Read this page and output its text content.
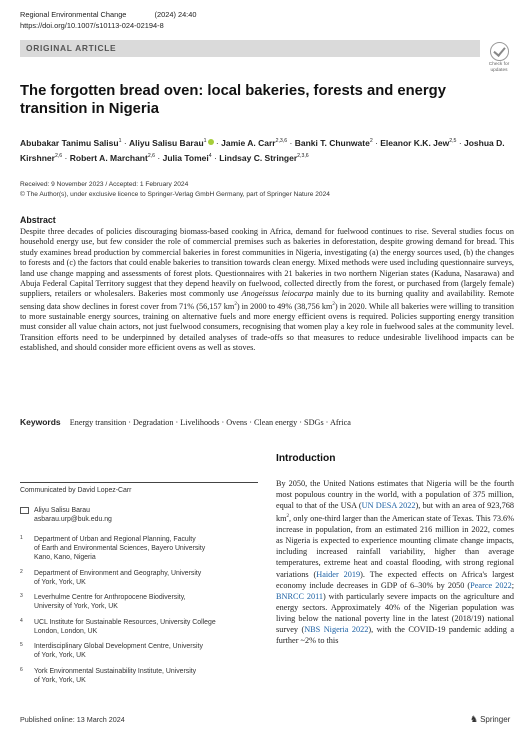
Regional Environmental Change	(2024) 24:40
https://doi.org/10.1007/s10113-024-02194-8
ORIGINAL ARTICLE
Check for
updates
The forgotten bread oven: local bakeries, forests and energy transition in Nigeria
Abubakar Tanimu Salisu$^1$ · Aliyu Salisu Barau$^1$ · Jamie A. Carr$^{2,3,6}$ · Banki T. Chunwate$^2$ · Eleanor K.K. Jew$^{2,5}$ · Joshua D. Kirshner$^{2,6}$ · Robert A. Marchant$^{2,6}$ · Julia Tomei$^4$ · Lindsay C. Stringer$^{2,3,6}$
Received: 9 November 2023 / Accepted: 1 February 2024
© The Author(s), under exclusive licence to Springer-Verlag GmbH Germany, part of Springer Nature 2024
Abstract

Despite three decades of policies discouraging biomass-based cooking in Africa, demand for fuelwood continues to rise. Several studies focus on household energy use, but few consider the role of commercial premises such as bakeries in deforestation, despite growing demand for bread. This study examines bread production by commercial bakeries in forest communities in Nigeria, investigating (a) the energy sources used, (b) the changes to forests and (c) the factors that could enable bakeries to transition towards clean energy. Mixed methods were used including questionnaire surveys, land use change mapping and assessments of forest plots. Questionnaires with 21 bakeries in two northern Nigerian states (Kaduna, Nasarawa) and Abuja Federal Capital Territory suggest that they depend heavily on fuelwood, collected directly from the forest, or purchased from (largely female) suppliers, retailers or wholesalers. Bakeries most commonly use Anogeissus leiocarpa mainly due to its burning quality and availability. Remote sensing data show declines in forest cover from 71% (56,157 $km^2$) in 2000 to 49% (38,756 $km^2$) in 2020. While all bakeries were willing to transition to more sustainable energy sources, training on alternative fuels and more energy efficient ovens is required. Policies supporting energy transition must consider all value chain actors, not just fuelwood consumers, recognising that women play a key role in fuelwood sales at the community level. Transition efforts need to be underpinned by detailed analyses of trade-offs so that measures to reduce undesirable livelihood impacts can be established, and should consider more efficient ovens as well as stoves.

Keywords Energy transition · Degradation · Livelihoods · Ovens · Clean energy · SDGs · Africa
Communicated by David Lopez-Carr
Aliyu Salisu Barau
asbarau.urp@buk.edu.ng
1 Department of Urban and Regional Planning, Faculty
of Earth and Environmental Sciences, Bayero University
Kano, Kano, Nigeria
2 Department of Environment and Geography, University
of York, York, UK
3 Leverhulme Centre for Anthropocene Biodiversity,
University of York, York, UK
4 UCL Institute for Sustainable Resources, University College
London, London, UK
5 Interdisciplinary Global Development Centre, University
of York, York, UK
6 York Environmental Sustainability Institute, University
of York, York, UK
Introduction

By 2050, the United Nations estimates that Nigeria will be the fourth most populous country in the world, with a population of 375 million, equal to that of the USA (UN DESA 2022), but with an area of 923,768 $km^2$, only one-third larger than the American state of Texas. This 73.6% increase in population, from an estimated 216 million in 2022, comes as Nigeria is expected to experience mounting climate change impacts, including increased rainfall variability, higher than average temperatures, extreme heat and coastal flooding, with strong regional variations (Haider 2019). The expected effects on Africa's largest economy include decreases in GDP of 6–30% by 2050 (Pearce 2022; BNRCC 2011) with particularly severe impacts on the agriculture and energy sectors. Approximately 40% of the Nigerian population was living below the national poverty line in the latest (2018/19) national survey (NBS Nigeria 2022), with the COVID-19 pandemic adding a further ~2% to this

Published online: 13 March 2024	♞ Springer
